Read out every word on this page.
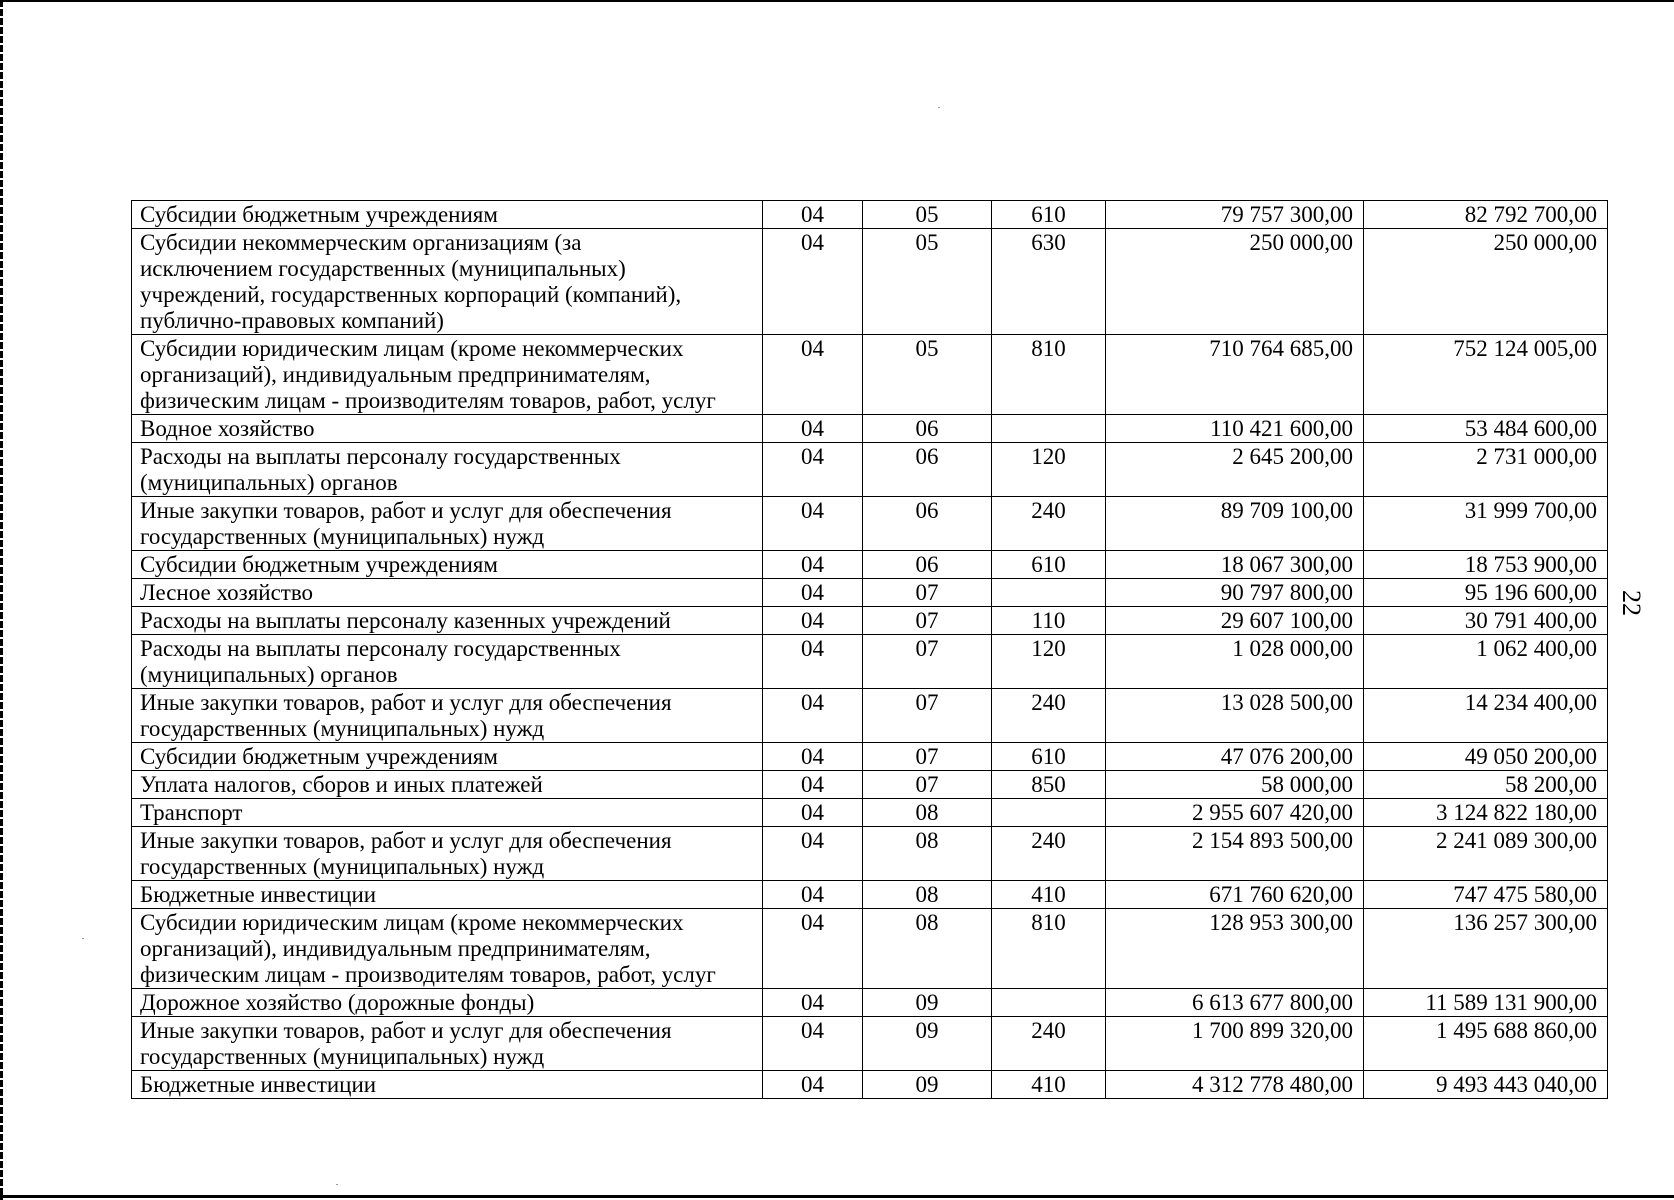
Субсидии бюджетным учреждениям	04	05	610	79 757 300,00	82 792 700,00
Субсидии некоммерческим организациям (за
исключением государственных (муниципальных)
учреждений, государственных корпораций (компаний),
публично-правовых компаний)	04	05	630	250 000,00	250 000,00
Субсидии юридическим лицам (кроме некоммерческих
организаций), индивидуальным предпринимателям,
физическим лицам - производителям товаров, работ, услуг	04	05	810	710 764 685,00	752 124 005,00
Водное хозяйство	04	06		110 421 600,00	53 484 600,00
Расходы на выплаты персоналу государственных
(муниципальных) органов	04	06	120	2 645 200,00	2 731 000,00
Иные закупки товаров, работ и услуг для обеспечения
государственных (муниципальных) нужд	04	06	240	89 709 100,00	31 999 700,00
Субсидии бюджетным учреждениям	04	06	610	18 067 300,00	18 753 900,00
Лесное хозяйство	04	07		90 797 800,00	95 196 600,00
Расходы на выплаты персоналу казенных учреждений	04	07	110	29 607 100,00	30 791 400,00
Расходы на выплаты персоналу государственных
(муниципальных) органов	04	07	120	1 028 000,00	1 062 400,00
Иные закупки товаров, работ и услуг для обеспечения
государственных (муниципальных) нужд	04	07	240	13 028 500,00	14 234 400,00
Субсидии бюджетным учреждениям	04	07	610	47 076 200,00	49 050 200,00
Уплата налогов, сборов и иных платежей	04	07	850	58 000,00	58 200,00
Транспорт	04	08		2 955 607 420,00	3 124 822 180,00
Иные закупки товаров, работ и услуг для обеспечения
государственных (муниципальных) нужд	04	08	240	2 154 893 500,00	2 241 089 300,00
Бюджетные инвестиции	04	08	410	671 760 620,00	747 475 580,00
Субсидии юридическим лицам (кроме некоммерческих
организаций), индивидуальным предпринимателям,
физическим лицам - производителям товаров, работ, услуг	04	08	810	128 953 300,00	136 257 300,00
Дорожное хозяйство (дорожные фонды)	04	09		6 613 677 800,00	11 589 131 900,00
Иные закупки товаров, работ и услуг для обеспечения
государственных (муниципальных) нужд	04	09	240	1 700 899 320,00	1 495 688 860,00
Бюджетные инвестиции	04	09	410	4 312 778 480,00	9 493 443 040,00
22
